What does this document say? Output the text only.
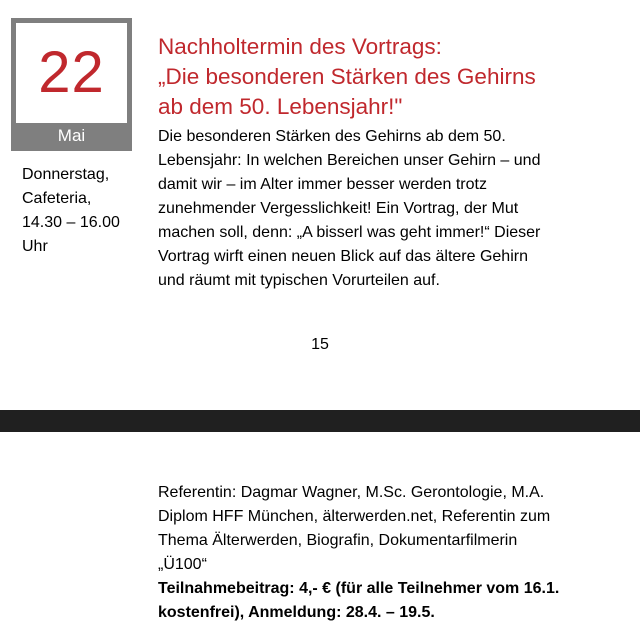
22
Mai
Donnerstag,
Cafeteria,
14.30 – 16.00
Uhr
Nachholtermin des Vortrags:
„Die besonderen Stärken des Gehirns
ab dem 50. Lebensjahr!"
Die besonderen Stärken des Gehirns ab dem 50.
Lebensjahr: In welchen Bereichen unser Gehirn – und
damit wir – im Alter immer besser werden trotz
zunehmender Vergesslichkeit! Ein Vortrag, der Mut
machen soll, denn: „A bisserl was geht immer!“ Dieser
Vortrag wirft einen neuen Blick auf das ältere Gehirn
und räumt mit typischen Vorurteilen auf.
15
Referentin: Dagmar Wagner, M.Sc. Gerontologie, M.A.
Diplom HFF München, älterwerden.net, Referentin zum
Thema Älterwerden, Biografin, Dokumentarfilmerin
„Ü100“
Teilnahmebeitrag: 4,- € (für alle Teilnehmer vom 16.1.
kostenfrei), Anmeldung: 28.4. – 19.5.
